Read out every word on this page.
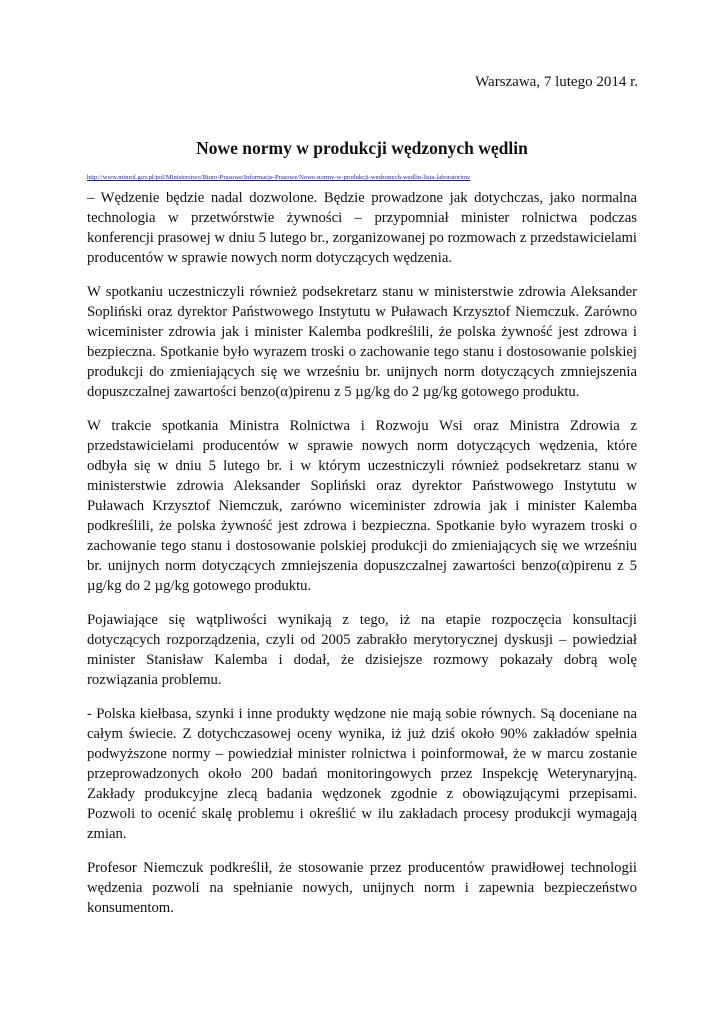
Warszawa, 7 lutego 2014 r.
Nowe normy w produkcji wędzonych wędlin
http://www.minrol.gov.pl/pol/Ministerstwo/Biuro-Prasowe/Informacje-Prasowe/Nowe-normy-w-produkcji-wedzonych-wedlin-lista-laboratoriow

– Wędzenie będzie nadal dozwolone. Będzie prowadzone jak dotychczas, jako normalna technologia w przetwórstwie żywności – przypomniał minister rolnictwa podczas konferencji prasowej w dniu 5 lutego br., zorganizowanej po rozmowach z przedstawicielami producentów w sprawie nowych norm dotyczących wędzenia.

W spotkaniu uczestniczyli również podsekretarz stanu w ministerstwie zdrowia Aleksander Sopliński oraz dyrektor Państwowego Instytutu w Puławach Krzysztof Niemczuk. Zarówno wiceminister zdrowia jak i minister Kalemba podkreślili, że polska żywność jest zdrowa i bezpieczna. Spotkanie było wyrazem troski o zachowanie tego stanu i dostosowanie polskiej produkcji do zmieniających się we wrześniu br. unijnych norm dotyczących zmniejszenia dopuszczalnej zawartości benzo(α)pirenu z 5 µg/kg do 2 µg/kg gotowego produktu.

W trakcie spotkania Ministra Rolnictwa i Rozwoju Wsi oraz Ministra Zdrowia z przedstawicielami producentów w sprawie nowych norm dotyczących wędzenia, które odbyła się w dniu 5 lutego br. i w którym uczestniczyli również podsekretarz stanu w ministerstwie zdrowia Aleksander Sopliński oraz dyrektor Państwowego Instytutu w Puławach Krzysztof Niemczuk, zarówno wiceminister zdrowia jak i minister Kalemba podkreślili, że polska żywność jest zdrowa i bezpieczna. Spotkanie było wyrazem troski o zachowanie tego stanu i dostosowanie polskiej produkcji do zmieniających się we wrześniu br. unijnych norm dotyczących zmniejszenia dopuszczalnej zawartości benzo(α)pirenu z 5 µg/kg do 2 µg/kg gotowego produktu.

Pojawiające się wątpliwości wynikają z tego, iż na etapie rozpoczęcia konsultacji dotyczących rozporządzenia, czyli od 2005 zabrakło merytorycznej dyskusji – powiedział minister Stanisław Kalemba i dodał, że dzisiejsze rozmowy pokazały dobrą wolę rozwiązania problemu.

- Polska kiełbasa, szynki i inne produkty wędzone nie mają sobie równych. Są doceniane na całym świecie. Z dotychczasowej oceny wynika, iż już dziś około 90% zakładów spełnia podwyższone normy – powiedział minister rolnictwa i poinformował, że w marcu zostanie przeprowadzonych około 200 badań monitoringowych przez Inspekcję Weterynaryjną. Zakłady produkcyjne zlecą badania wędzonek zgodnie z obowiązującymi przepisami. Pozwoli to ocenić skalę problemu i określić w ilu zakładach procesy produkcji wymagają zmian.

Profesor Niemczuk podkreślił, że stosowanie przez producentów prawidłowej technologii wędzenia pozwoli na spełnianie nowych, unijnych norm i zapewnia bezpieczeństwo konsumentom.
